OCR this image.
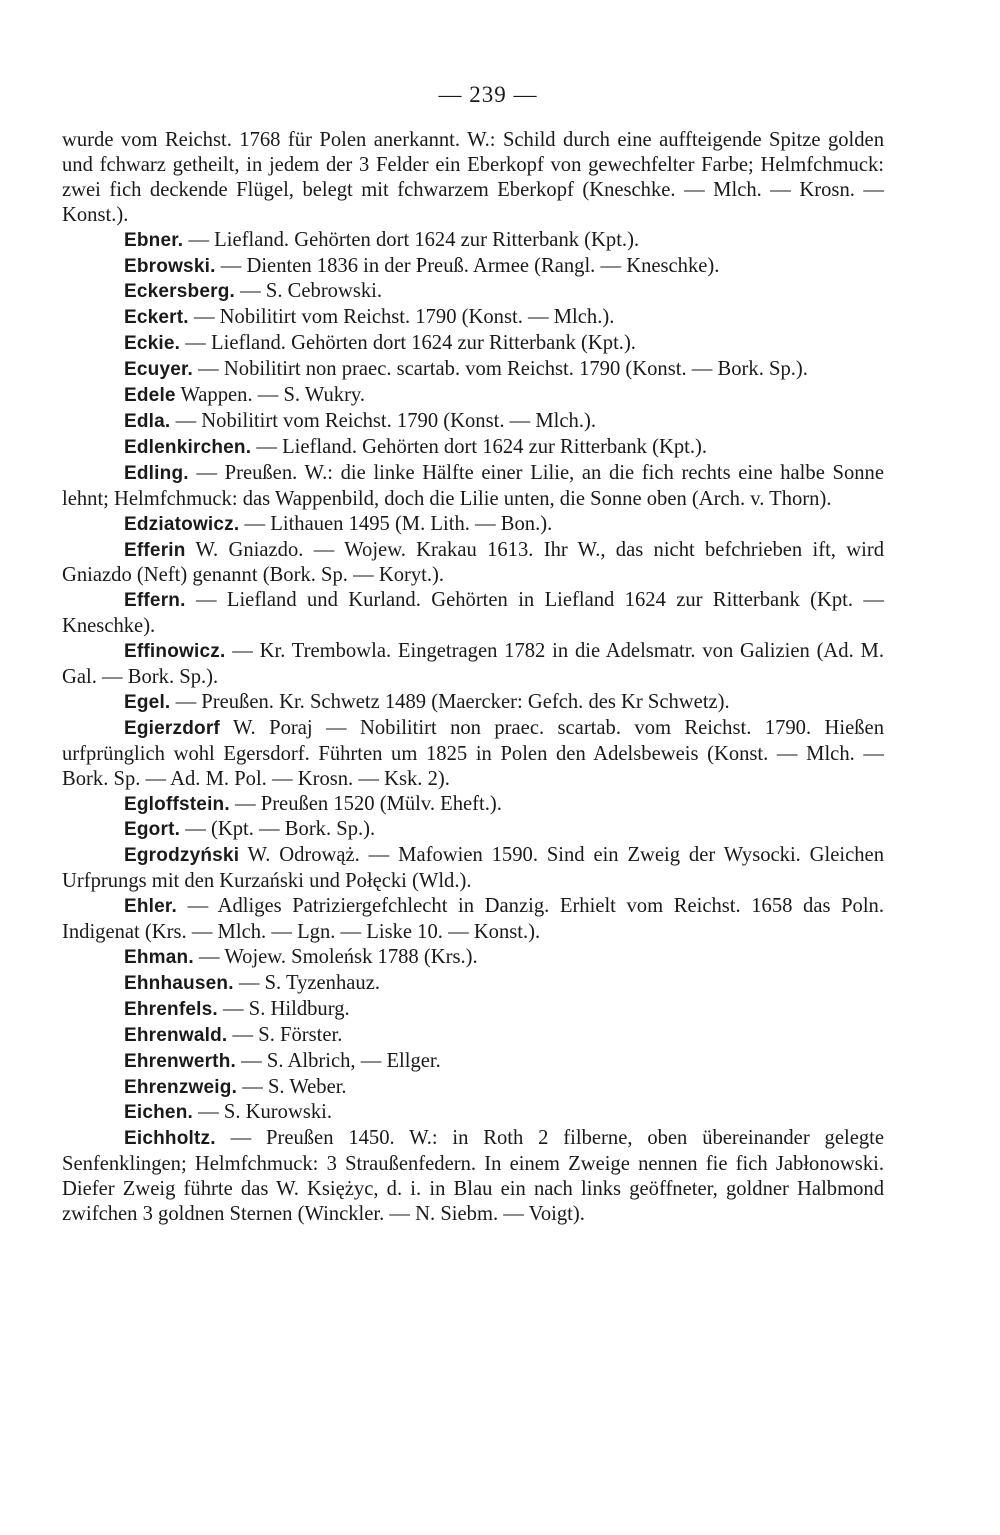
— 239 —

wurde vom Reichst. 1768 für Polen anerkannt. W.: Schild durch eine auffteigende Spitze golden und fchwarz getheilt, in jedem der 3 Felder ein Eberkopf von gewechfelter Farbe; Helmfchmuck: zwei fich deckende Flügel, belegt mit fchwarzem Eberkopf (Kneschke. — Mlch. — Krosn. — Konst.).

Ebner. — Liefland. Gehörten dort 1624 zur Ritterbank (Kpt.).

Ebrowski. — Dienten 1836 in der Preuß. Armee (Rangl. — Kneschke).

Eckersberg. — S. Cebrowski.

Eckert. — Nobilitirt vom Reichst. 1790 (Konst. — Mlch.).

Eckie. — Liefland. Gehörten dort 1624 zur Ritterbank (Kpt.).

Ecuyer. — Nobilitirt non praec. scartab. vom Reichst. 1790 (Konst. — Bork. Sp.).

Edele Wappen. — S. Wukry.

Edla. — Nobilitirt vom Reichst. 1790 (Konst. — Mlch.).

Edlenkirchen. — Liefland. Gehörten dort 1624 zur Ritterbank (Kpt.).

Edling. — Preußen. W.: die linke Hälfte einer Lilie, an die fich rechts eine halbe Sonne lehnt; Helmfchmuck: das Wappenbild, doch die Lilie unten, die Sonne oben (Arch. v. Thorn).

Edziatowicz. — Lithauen 1495 (M. Lith. — Bon.).

Efferin W. Gniazdo. — Wojew. Krakau 1613. Ihr W., das nicht befchrieben ift, wird Gniazdo (Neft) genannt (Bork. Sp. — Koryt.).

Effern. — Liefland und Kurland. Gehörten in Liefland 1624 zur Ritterbank (Kpt. — Kneschke).

Effinowicz. — Kr. Trembowla. Eingetragen 1782 in die Adelsmatr. von Galizien (Ad. M. Gal. — Bork. Sp.).

Egel. — Preußen. Kr. Schwetz 1489 (Maercker: Gefch. des Kr Schwetz).

Egierzdorf W. Poraj — Nobilitirt non praec. scartab. vom Reichst. 1790. Hießen urfprünglich wohl Egersdorf. Führten um 1825 in Polen den Adelsbeweis (Konst. — Mlch. — Bork. Sp. — Ad. M. Pol. — Krosn. — Ksk. 2).

Egloffstein. — Preußen 1520 (Mülv. Eheft.).

Egort. — (Kpt. — Bork. Sp.).

Egrodzyński W. Odrowąż. — Mafowien 1590. Sind ein Zweig der Wysocki. Gleichen Urfprungs mit den Kurzański und Połęcki (Wld.).

Ehler. — Adliges Patriziergefchlecht in Danzig. Erhielt vom Reichst. 1658 das Poln. Indigenat (Krs. — Mlch. — Lgn. — Liske 10. — Konst.).

Ehman. — Wojew. Smoleńsk 1788 (Krs.).

Ehnhausen. — S. Tyzenhauz.

Ehrenfels. — S. Hildburg.

Ehrenwald. — S. Förster.

Ehrenwerth. — S. Albrich, — Ellger.

Ehrenzweig. — S. Weber.

Eichen. — S. Kurowski.

Eichholtz. — Preußen 1450. W.: in Roth 2 filberne, oben übereinander gelegte Senfenklingen; Helmfchmuck: 3 Straußenfedern. In einem Zweige nennen fie fich Jabłonowski. Diefer Zweig führte das W. Księżyc, d. i. in Blau ein nach links geöffneter, goldner Halbmond zwifchen 3 goldnen Sternen (Winckler. — N. Siebm. — Voigt).
